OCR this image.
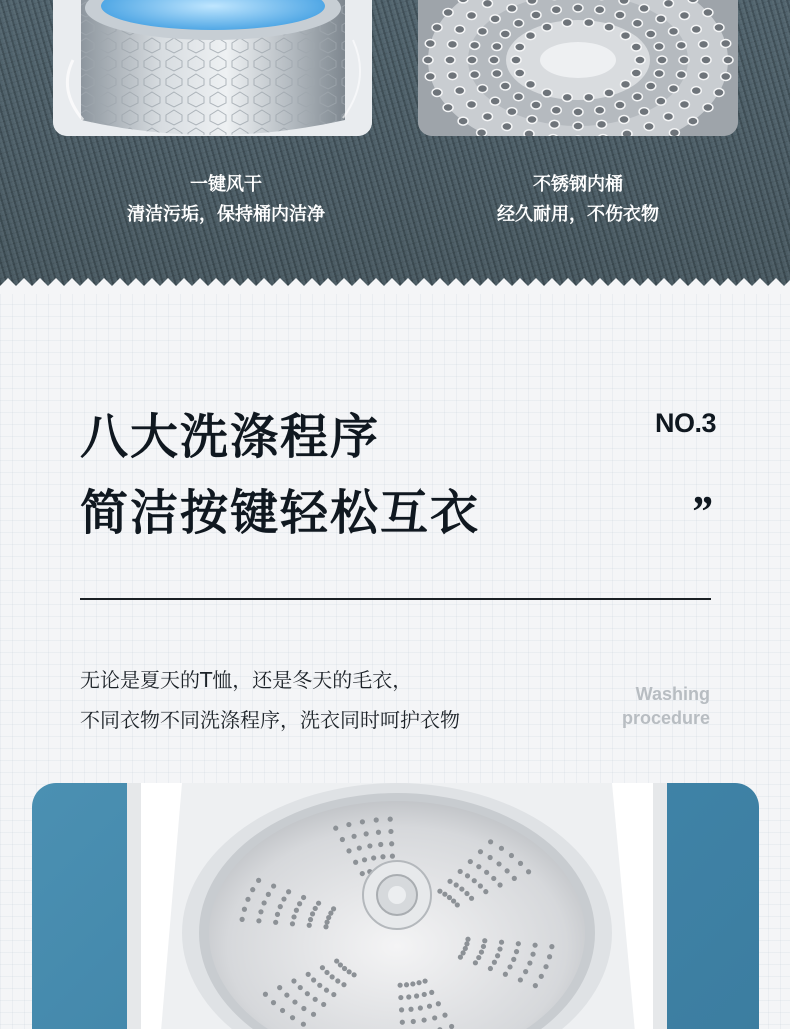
一键风干
清洁污垢，保持桶内洁净
不锈钢内桶
经久耐用，不伤衣物
八大洗涤程序
简洁按键轻松互衣
NO.3
”
无论是夏天的T恤，还是冬天的毛衣，
不同衣物不同洗涤程序，洗衣同时呵护衣物
Washing
procedure
